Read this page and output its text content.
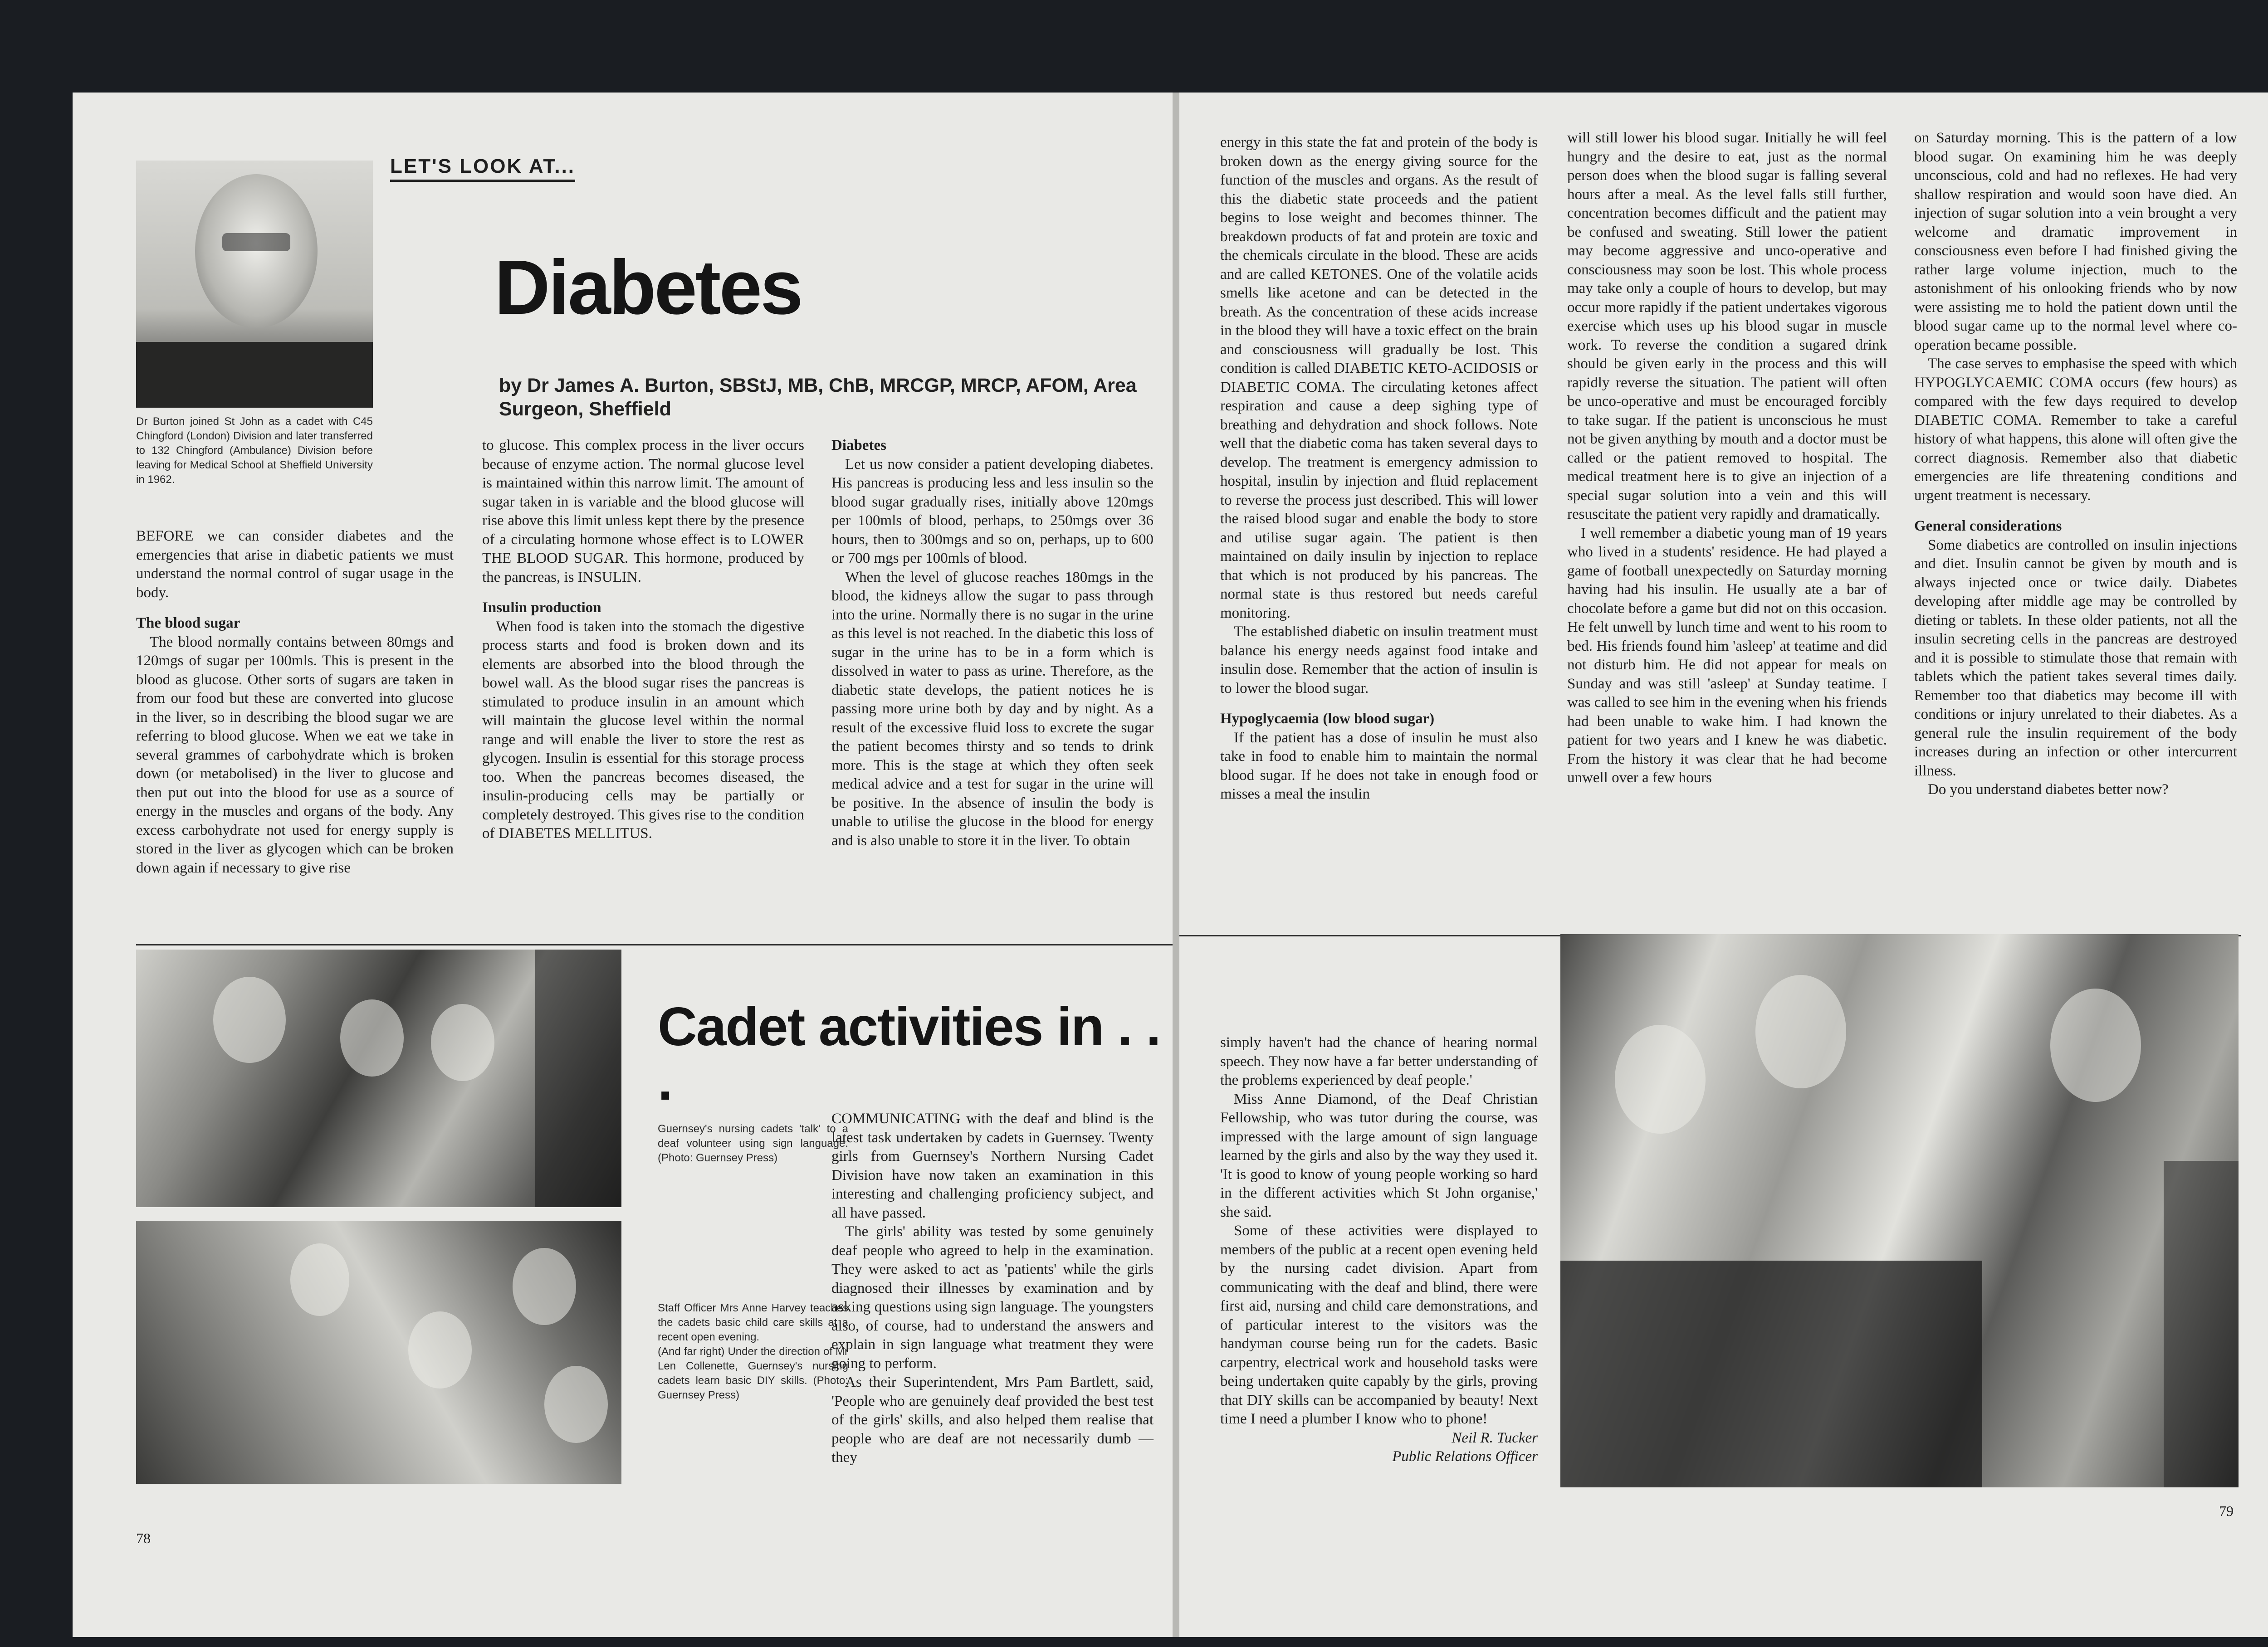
Dr Burton joined St John as a cadet with C45 Chingford (London) Division and later transferred to 132 Chingford (Ambulance) Division before leaving for Medical School at Sheffield University in 1962.
LET'S LOOK AT...
Diabetes
by Dr James A. Burton, SBStJ, MB, ChB, MRCGP, MRCP, AFOM, Area Surgeon, Sheffield

BEFORE we can consider diabetes and the emergencies that arise in diabetic patients we must understand the normal control of sugar usage in the body.

The blood sugar

The blood normally contains between 80mgs and 120mgs of sugar per 100mls. This is present in the blood as glucose. Other sorts of sugars are taken in from our food but these are converted into glucose in the liver, so in describing the blood sugar we are referring to blood glucose. When we eat we take in several grammes of carbohydrate which is broken down (or metabolised) in the liver to glucose and then put out into the blood for use as a source of energy in the muscles and organs of the body. Any excess carbohydrate not used for energy supply is stored in the liver as glycogen which can be broken down again if necessary to give rise

to glucose. This complex process in the liver occurs because of enzyme action. The normal glucose level is maintained within this narrow limit. The amount of sugar taken in is variable and the blood glucose will rise above this limit unless kept there by the presence of a circulating hormone whose effect is to LOWER THE BLOOD SUGAR. This hormone, produced by the pancreas, is INSULIN.

Insulin production

When food is taken into the stomach the digestive process starts and food is broken down and its elements are absorbed into the blood through the bowel wall. As the blood sugar rises the pancreas is stimulated to produce insulin in an amount which will maintain the glucose level within the normal range and will enable the liver to store the rest as glycogen. Insulin is essential for this storage process too. When the pancreas becomes diseased, the insulin-producing cells may be partially or completely destroyed. This gives rise to the condition of DIABETES MELLITUS.

Diabetes

Let us now consider a patient developing diabetes. His pancreas is producing less and less insulin so the blood sugar gradually rises, initially above 120mgs per 100mls of blood, perhaps, to 250mgs over 36 hours, then to 300mgs and so on, perhaps, up to 600 or 700 mgs per 100mls of blood.

When the level of glucose reaches 180mgs in the blood, the kidneys allow the sugar to pass through into the urine. Normally there is no sugar in the urine as this level is not reached. In the diabetic this loss of sugar in the urine has to be in a form which is dissolved in water to pass as urine. Therefore, as the diabetic state develops, the patient notices he is passing more urine both by day and by night. As a result of the excessive fluid loss to excrete the sugar the patient becomes thirsty and so tends to drink more. This is the stage at which they often seek medical advice and a test for sugar in the urine will be positive. In the absence of insulin the body is unable to utilise the glucose in the blood for energy and is also unable to store it in the liver. To obtain

Cadet activities in . . .
Guernsey's nursing cadets 'talk' to a deaf volunteer using sign language. (Photo: Guernsey Press)

Staff Officer Mrs Anne Harvey teaches the cadets basic child care skills at a recent open evening.

(And far right) Under the direction of Mr Len Collenette, Guernsey's nursing cadets learn basic DIY skills. (Photo: Guernsey Press)

COMMUNICATING with the deaf and blind is the latest task undertaken by cadets in Guernsey. Twenty girls from Guernsey's Northern Nursing Cadet Division have now taken an examination in this interesting and challenging proficiency subject, and all have passed.

The girls' ability was tested by some genuinely deaf people who agreed to help in the examination. They were asked to act as 'patients' while the girls diagnosed their illnesses by examination and by asking questions using sign language. The youngsters also, of course, had to understand the answers and explain in sign language what treatment they were going to perform.

As their Superintendent, Mrs Pam Bartlett, said, 'People who are genuinely deaf provided the best test of the girls' skills, and also helped them realise that people who are deaf are not necessarily dumb — they

78

energy in this state the fat and protein of the body is broken down as the energy giving source for the function of the muscles and organs. As the result of this the diabetic state proceeds and the patient begins to lose weight and becomes thinner. The breakdown products of fat and protein are toxic and the chemicals circulate in the blood. These are acids and are called KETONES. One of the volatile acids smells like acetone and can be detected in the breath. As the concentration of these acids increase in the blood they will have a toxic effect on the brain and consciousness will gradually be lost. This condition is called DIABETIC KETO-ACIDOSIS or DIABETIC COMA. The circulating ketones affect respiration and cause a deep sighing type of breathing and dehydration and shock follows. Note well that the diabetic coma has taken several days to develop. The treatment is emergency admission to hospital, insulin by injection and fluid replacement to reverse the process just described. This will lower the raised blood sugar and enable the body to store and utilise sugar again. The patient is then maintained on daily insulin by injection to replace that which is not produced by his pancreas. The normal state is thus restored but needs careful monitoring.

The established diabetic on insulin treatment must balance his energy needs against food intake and insulin dose. Remember that the action of insulin is to lower the blood sugar.

Hypoglycaemia (low blood sugar)

If the patient has a dose of insulin he must also take in food to enable him to maintain the normal blood sugar. If he does not take in enough food or misses a meal the insulin

will still lower his blood sugar. Initially he will feel hungry and the desire to eat, just as the normal person does when the blood sugar is falling several hours after a meal. As the level falls still further, concentration becomes difficult and the patient may be confused and sweating. Still lower the patient may become aggressive and unco-operative and consciousness may soon be lost. This whole process may take only a couple of hours to develop, but may occur more rapidly if the patient undertakes vigorous exercise which uses up his blood sugar in muscle work. To reverse the condition a sugared drink should be given early in the process and this will rapidly reverse the situation. The patient will often be unco-operative and must be encouraged forcibly to take sugar. If the patient is unconscious he must not be given anything by mouth and a doctor must be called or the patient removed to hospital. The medical treatment here is to give an injection of a special sugar solution into a vein and this will resuscitate the patient very rapidly and dramatically.

I well remember a diabetic young man of 19 years who lived in a students' residence. He had played a game of football unexpectedly on Saturday morning having had his insulin. He usually ate a bar of chocolate before a game but did not on this occasion. He felt unwell by lunch time and went to his room to bed. His friends found him 'asleep' at teatime and did not disturb him. He did not appear for meals on Sunday and was still 'asleep' at Sunday teatime. I was called to see him in the evening when his friends had been unable to wake him. I had known the patient for two years and I knew he was diabetic. From the history it was clear that he had become unwell over a few hours

on Saturday morning. This is the pattern of a low blood sugar. On examining him he was deeply unconscious, cold and had no reflexes. He had very shallow respiration and would soon have died. An injection of sugar solution into a vein brought a very welcome and dramatic improvement in consciousness even before I had finished giving the rather large volume injection, much to the astonishment of his onlooking friends who by now were assisting me to hold the patient down until the blood sugar came up to the normal level where co-operation became possible.

The case serves to emphasise the speed with which HYPOGLYCAEMIC COMA occurs (few hours) as compared with the few days required to develop DIABETIC COMA. Remember to take a careful history of what happens, this alone will often give the correct diagnosis. Remember also that diabetic emergencies are life threatening conditions and urgent treatment is necessary.

General considerations

Some diabetics are controlled on insulin injections and diet. Insulin cannot be given by mouth and is always injected once or twice daily. Diabetes developing after middle age may be controlled by dieting or tablets. In these older patients, not all the insulin secreting cells in the pancreas are destroyed and it is possible to stimulate those that remain with tablets which the patient takes several times daily. Remember too that diabetics may become ill with conditions or injury unrelated to their diabetes. As a general rule the insulin requirement of the body increases during an infection or other intercurrent illness.

Do you understand diabetes better now?

simply haven't had the chance of hearing normal speech. They now have a far better understanding of the problems experienced by deaf people.'

Miss Anne Diamond, of the Deaf Christian Fellowship, who was tutor during the course, was impressed with the large amount of sign language learned by the girls and also by the way they used it. 'It is good to know of young people working so hard in the different activities which St John organise,' she said.

Some of these activities were displayed to members of the public at a recent open evening held by the nursing cadet division. Apart from communicating with the deaf and blind, there were first aid, nursing and child care demonstrations, and of particular interest to the visitors was the handyman course being run for the cadets. Basic carpentry, electrical work and household tasks were being undertaken quite capably by the girls, proving that DIY skills can be accompanied by beauty! Next time I need a plumber I know who to phone!

Neil R. Tucker

Public Relations Officer

79
